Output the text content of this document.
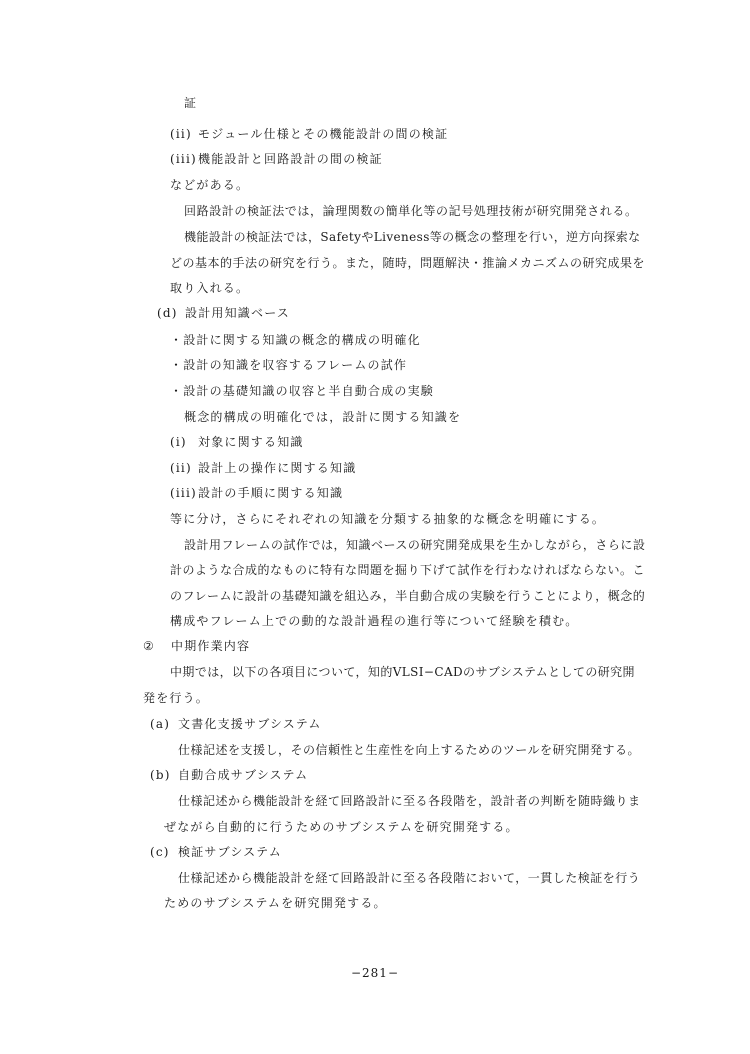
証
(ii) モジュール仕様とその機能設計の間の検証
(iii)機能設計と回路設計の間の検証
などがある。
回路設計の検証法では，論理関数の簡単化等の記号処理技術が研究開発される。
機能設計の検証法では，SafetyやLiveness等の概念の整理を行い，逆方向探索な
どの基本的手法の研究を行う。また，随時，問題解決・推論メカニズムの研究成果を
取り入れる。
(d) 設計用知識ベース
・設計に関する知識の概念的構成の明確化
・設計の知識を収容するフレームの試作
・設計の基礎知識の収容と半自動合成の実験
概念的構成の明確化では，設計に関する知識を
(i) 対象に関する知識
(ii) 設計上の操作に関する知識
(iii)設計の手順に関する知識
等に分け，さらにそれぞれの知識を分類する抽象的な概念を明確にする。
設計用フレームの試作では，知識ベースの研究開発成果を生かしながら，さらに設
計のような合成的なものに特有な問題を掘り下げて試作を行わなければならない。こ
のフレームに設計の基礎知識を組込み，半自動合成の実験を行うことにより，概念的
構成やフレーム上での動的な設計過程の進行等について経験を積む。
② 中期作業内容
中期では，以下の各項目について，知的VLSI−CADのサブシステムとしての研究開
発を行う。
(a) 文書化支援サブシステム
仕様記述を支援し，その信頼性と生産性を向上するためのツールを研究開発する。
(b) 自動合成サブシステム
仕様記述から機能設計を経て回路設計に至る各段階を，設計者の判断を随時織りま
ぜながら自動的に行うためのサブシステムを研究開発する。
(c) 検証サブシステム
仕様記述から機能設計を経て回路設計に至る各段階において，一貫した検証を行う
ためのサブシステムを研究開発する。
−281−
